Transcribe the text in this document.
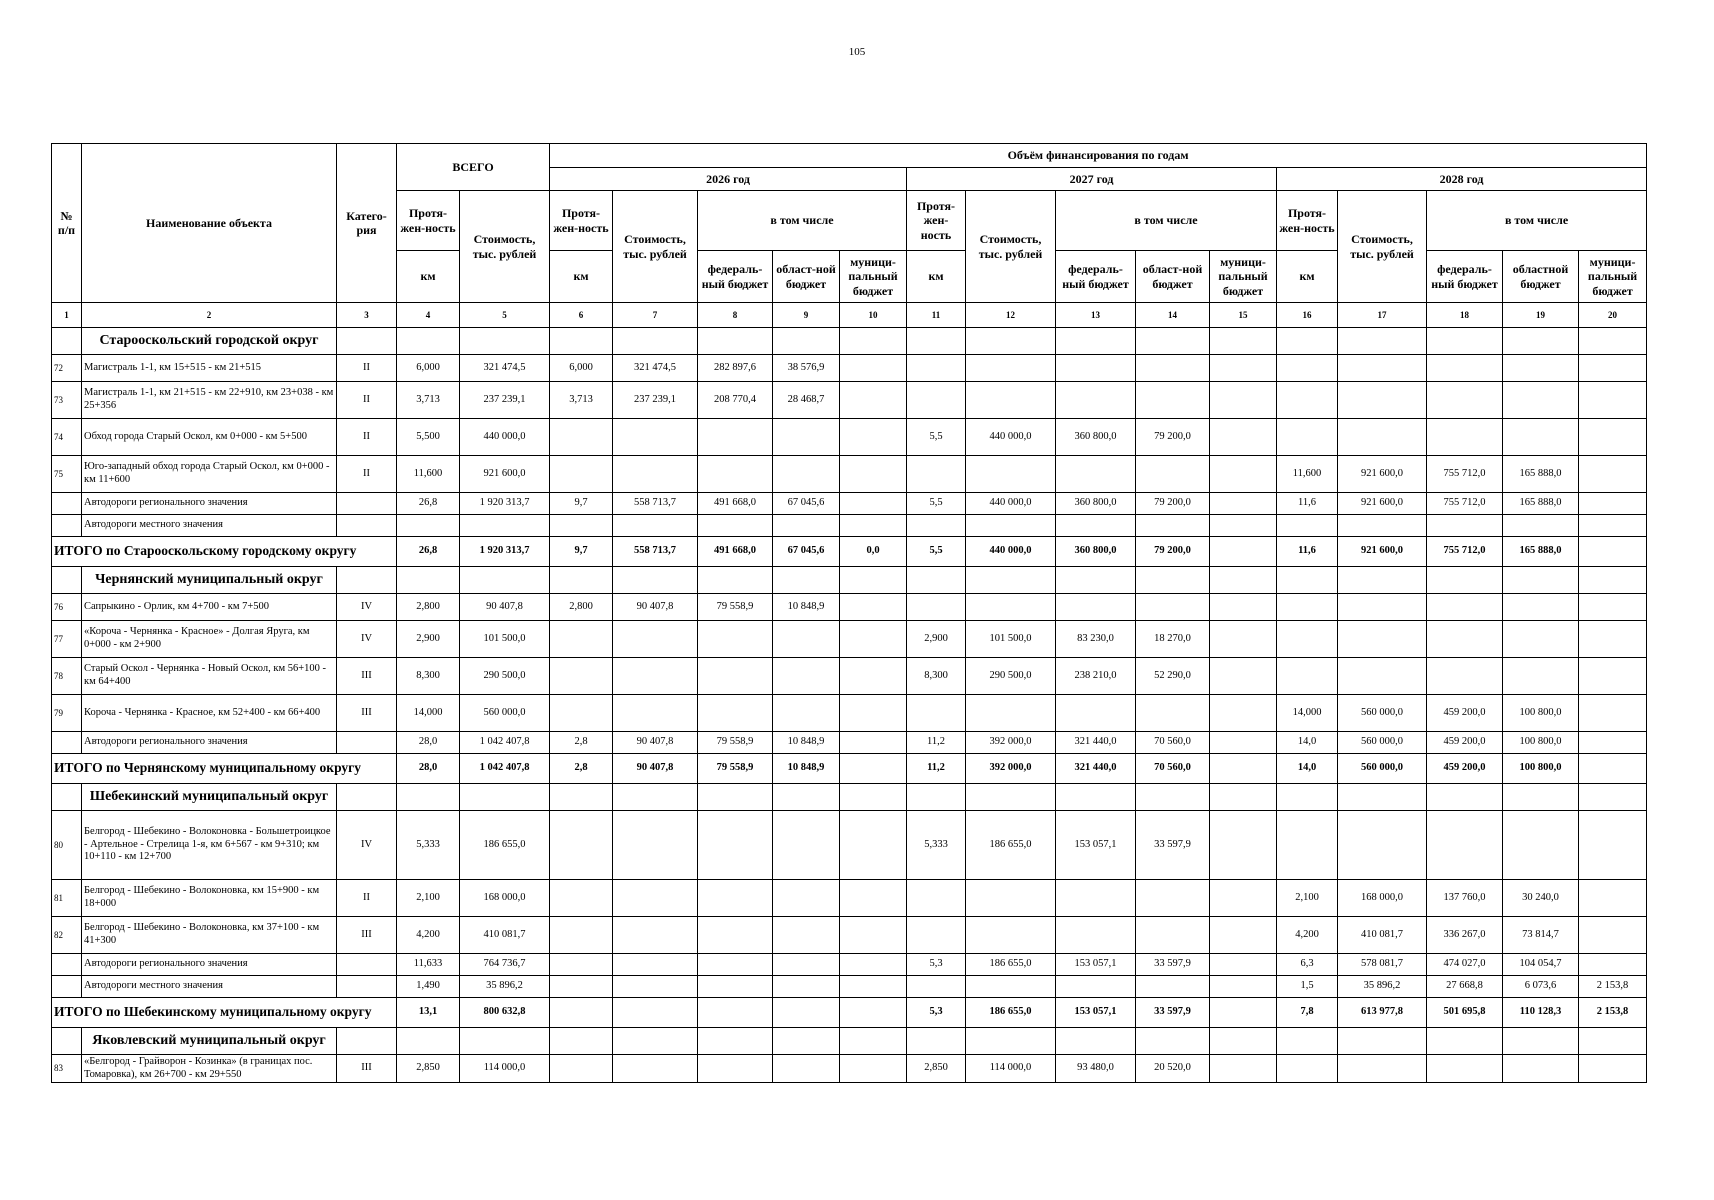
105
№ п/п	Наименование объекта	Катего-рия	ВСЕГО		Объём финансирования по годам														
					2026 год					2027 год					2028 год				
			Протя-жен-ность	Стоимость, тыс. рублей	Протя-жен-ность	Стоимость, тыс. рублей	в том числе			Протя-жен-ность	Стоимость, тыс. рублей	в том числе			Протя-жен-ность	Стоимость, тыс. рублей	в том числе		
			км		км		федераль-ный бюджет	област-ной бюджет	муници-пальный бюджет	км		федераль-ный бюджет	област-ной бюджет	муници-пальный бюджет	км		федераль-ный бюджет	областной бюджет	муници-пальный бюджет
1	2	3	4	5	6	7	8	9	10	11	12	13	14	15	16	17	18	19	20
	Старооскольский городской округ																		
72	Магистраль 1-1, км 15+515 - км 21+515	II	6,000	321 474,5	6,000	321 474,5	282 897,6	38 576,9											
73	Магистраль 1-1, км 21+515 - км 22+910, км 23+038 - км 25+356	II	3,713	237 239,1	3,713	237 239,1	208 770,4	28 468,7											
74	Обход города Старый Оскол, км 0+000 - км 5+500	II	5,500	440 000,0						5,5	440 000,0	360 800,0	79 200,0						
75	Юго-западный обход города Старый Оскол, км 0+000 - км 11+600	II	11,600	921 600,0											11,600	921 600,0	755 712,0	165 888,0	
	Автодороги регионального значения		26,8	1 920 313,7	9,7	558 713,7	491 668,0	67 045,6		5,5	440 000,0	360 800,0	79 200,0		11,6	921 600,0	755 712,0	165 888,0	
	Автодороги местного значения																		
ИТОГО по Старооскольскому городскому округу			26,8	1 920 313,7	9,7	558 713,7	491 668,0	67 045,6	0,0	5,5	440 000,0	360 800,0	79 200,0		11,6	921 600,0	755 712,0	165 888,0	
	Чернянский муниципальный округ																		
76	Сапрыкино - Орлик, км 4+700 - км 7+500	IV	2,800	90 407,8	2,800	90 407,8	79 558,9	10 848,9											
77	«Короча - Чернянка - Красное» - Долгая Яруга, км 0+000 - км 2+900	IV	2,900	101 500,0						2,900	101 500,0	83 230,0	18 270,0						
78	Старый Оскол - Чернянка - Новый Оскол, км 56+100 - км 64+400	III	8,300	290 500,0						8,300	290 500,0	238 210,0	52 290,0						
79	Короча - Чернянка - Красное, км 52+400 - км 66+400	III	14,000	560 000,0											14,000	560 000,0	459 200,0	100 800,0	
	Автодороги регионального значения		28,0	1 042 407,8	2,8	90 407,8	79 558,9	10 848,9		11,2	392 000,0	321 440,0	70 560,0		14,0	560 000,0	459 200,0	100 800,0	
ИТОГО по Чернянскому муниципальному округу			28,0	1 042 407,8	2,8	90 407,8	79 558,9	10 848,9		11,2	392 000,0	321 440,0	70 560,0		14,0	560 000,0	459 200,0	100 800,0	
	Шебекинский муниципальный округ																		
80	Белгород - Шебекино - Волоконовка - Большетроицкое - Артельное - Стрелица 1-я, км 6+567 - км 9+310; км 10+110 - км 12+700	IV	5,333	186 655,0						5,333	186 655,0	153 057,1	33 597,9						
81	Белгород - Шебекино - Волоконовка, км 15+900 - км 18+000	II	2,100	168 000,0											2,100	168 000,0	137 760,0	30 240,0	
82	Белгород - Шебекино - Волоконовка, км 37+100 - км 41+300	III	4,200	410 081,7											4,200	410 081,7	336 267,0	73 814,7	
	Автодороги регионального значения		11,633	764 736,7						5,3	186 655,0	153 057,1	33 597,9		6,3	578 081,7	474 027,0	104 054,7	
	Автодороги местного значения		1,490	35 896,2											1,5	35 896,2	27 668,8	6 073,6	2 153,8
ИТОГО по Шебекинскому муниципальному округу			13,1	800 632,8						5,3	186 655,0	153 057,1	33 597,9		7,8	613 977,8	501 695,8	110 128,3	2 153,8
	Яковлевский муниципальный округ																		
83	«Белгород - Грайворон - Козинка» (в границах пос. Томаровка), км 26+700 - км 29+550	III	2,850	114 000,0						2,850	114 000,0	93 480,0	20 520,0						
